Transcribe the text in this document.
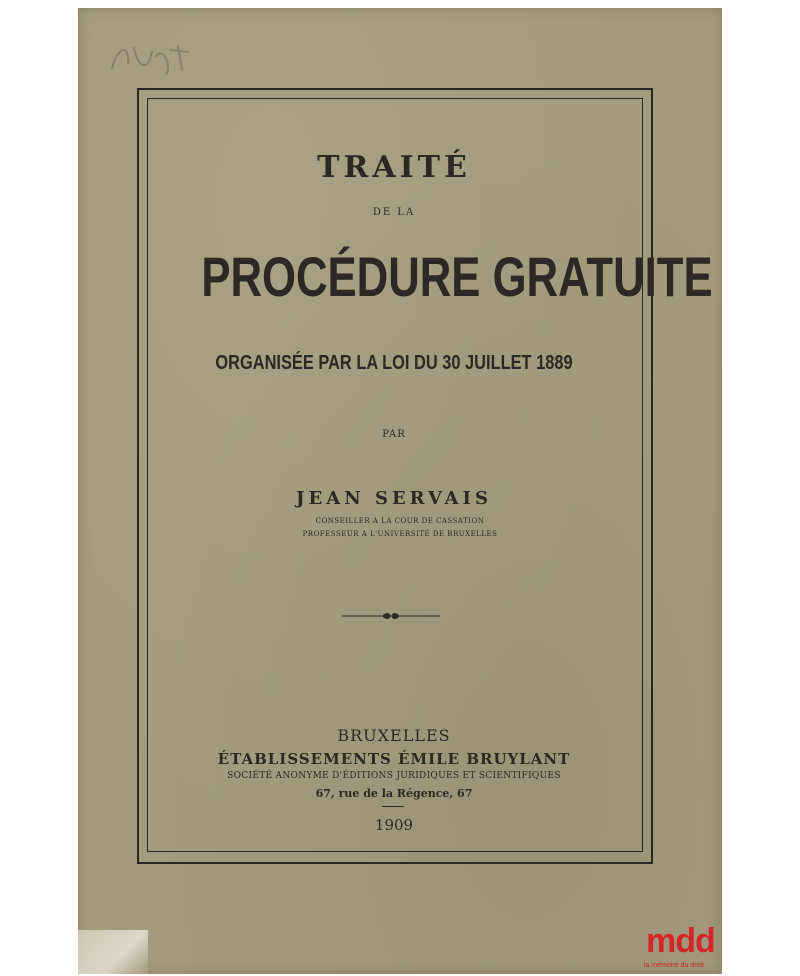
TRAITÉ
DE LA
PROCÉDURE GRATUITE
ORGANISÉE PAR LA LOI DU 30 JUILLET 1889
PAR
JEAN SERVAIS
CONSEILLER A LA COUR DE CASSATION
PROFESSEUR A L'UNIVERSITÉ DE BRUXELLES
BRUXELLES
ÉTABLISSEMENTS ÉMILE BRUYLANT
SOCIÉTÉ ANONYME D'ÉDITIONS JURIDIQUES ET SCIENTIFIQUES
67, rue de la Régence, 67
1909
mdd
la mémoire du droit
